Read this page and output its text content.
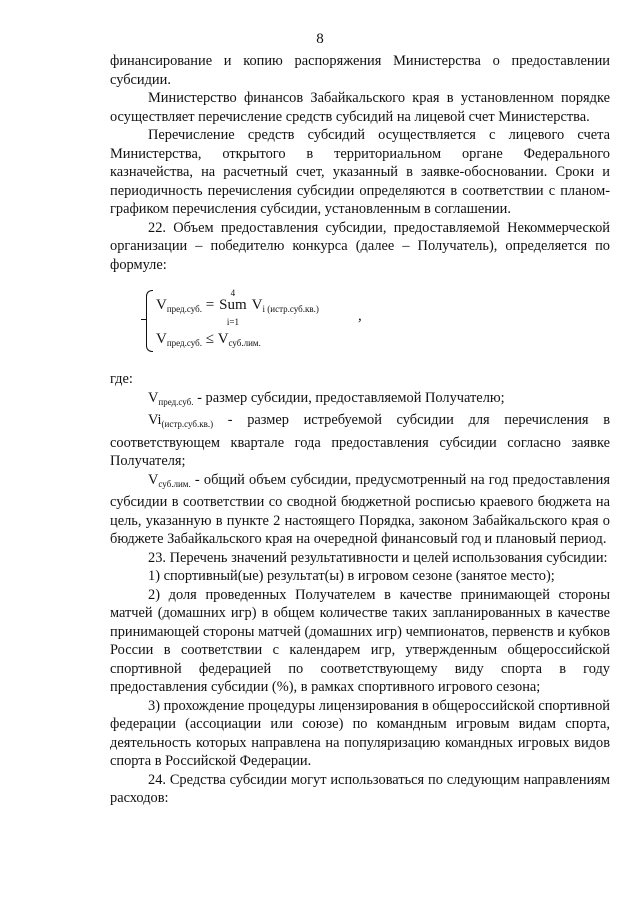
8

финансирование и копию распоряжения Министерства о предоставлении субсидии.

Министерство финансов Забайкальского края в установленном порядке осуществляет перечисление средств субсидий на лицевой счет Министерства.

Перечисление средств субсидий осуществляется с лицевого счета Министерства, открытого в территориальном органе Федерального казначейства, на расчетный счет, указанный в заявке-обосновании. Сроки и периодичность перечисления субсидии определяются в соответствии с планом-графиком перечисления субсидии, установленным в соглашении.

22. Объем предоставления субсидии, предоставляемой Некоммерческой организации – победителю конкурса (далее – Получатель), определяется по формуле:

$V_{пред.суб.}$ =
4
Sum
i=1
$V_{i (истр.суб.кв.)}$	,
$V_{пред.суб.} \le V_{суб.лим.}$

где:

$V_{пред.суб.}$ - размер субсидии, предоставляемой Получателю;

$Vi_{(истр.суб.кв.)}$ - размер истребуемой субсидии для перечисления в соответствующем квартале года предоставления субсидии согласно заявке Получателя;

$V_{суб.лим.}$ - общий объем субсидии, предусмотренный на год предоставления субсидии в соответствии со сводной бюджетной росписью краевого бюджета на цель, указанную в пункте 2 настоящего Порядка, законом Забайкальского края о бюджете Забайкальского края на очередной финансовый год и плановый период.

23. Перечень значений результативности и целей использования субсидии:

1) спортивный(ые) результат(ы) в игровом сезоне (занятое место);

2) доля проведенных Получателем в качестве принимающей стороны матчей (домашних игр) в общем количестве таких запланированных в качестве принимающей стороны матчей (домашних игр) чемпионатов, первенств и кубков России в соответствии с календарем игр, утвержденным общероссийской спортивной федерацией по соответствующему виду спорта в году предоставления субсидии (%), в рамках спортивного игрового сезона;

3) прохождение процедуры лицензирования в общероссийской спортивной федерации (ассоциации или союзе) по командным игровым видам спорта, деятельность которых направлена на популяризацию командных игровых видов спорта в Российской Федерации.

24. Средства субсидии могут использоваться по следующим направлениям расходов:
